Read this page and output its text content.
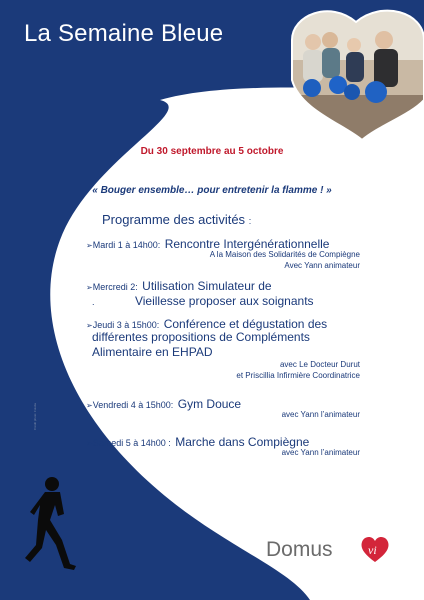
La Semaine Bleue
Du 30 septembre au 5 octobre
« Bouger ensemble… pour entretenir la flamme ! »
Programme des activités :
➢Mardi 1 à 14h00: Rencontre Intergénérationnelle
A la Maison des Solidarités de Compiègne
Avec Yann animateur
➢Mercredi 2: Utilisation Simulateur de
.	Vieillesse proposer aux soignants
➢Jeudi 3 à 15h00: Conférence et dégustation des
différentes propositions de Compléments
Alimentaire en EHPAD
avec Le Docteur Durut
et Priscillia Infirmière Coordinatrice
➢Vendredi 4 à 15h00: Gym Douce
avec Yann l’animateur
➢Samedi 5 à 14h00 : Marche dans Compiègne
avec Yann l’animateur
Crédit photo: Fotolia
Domus	vi
